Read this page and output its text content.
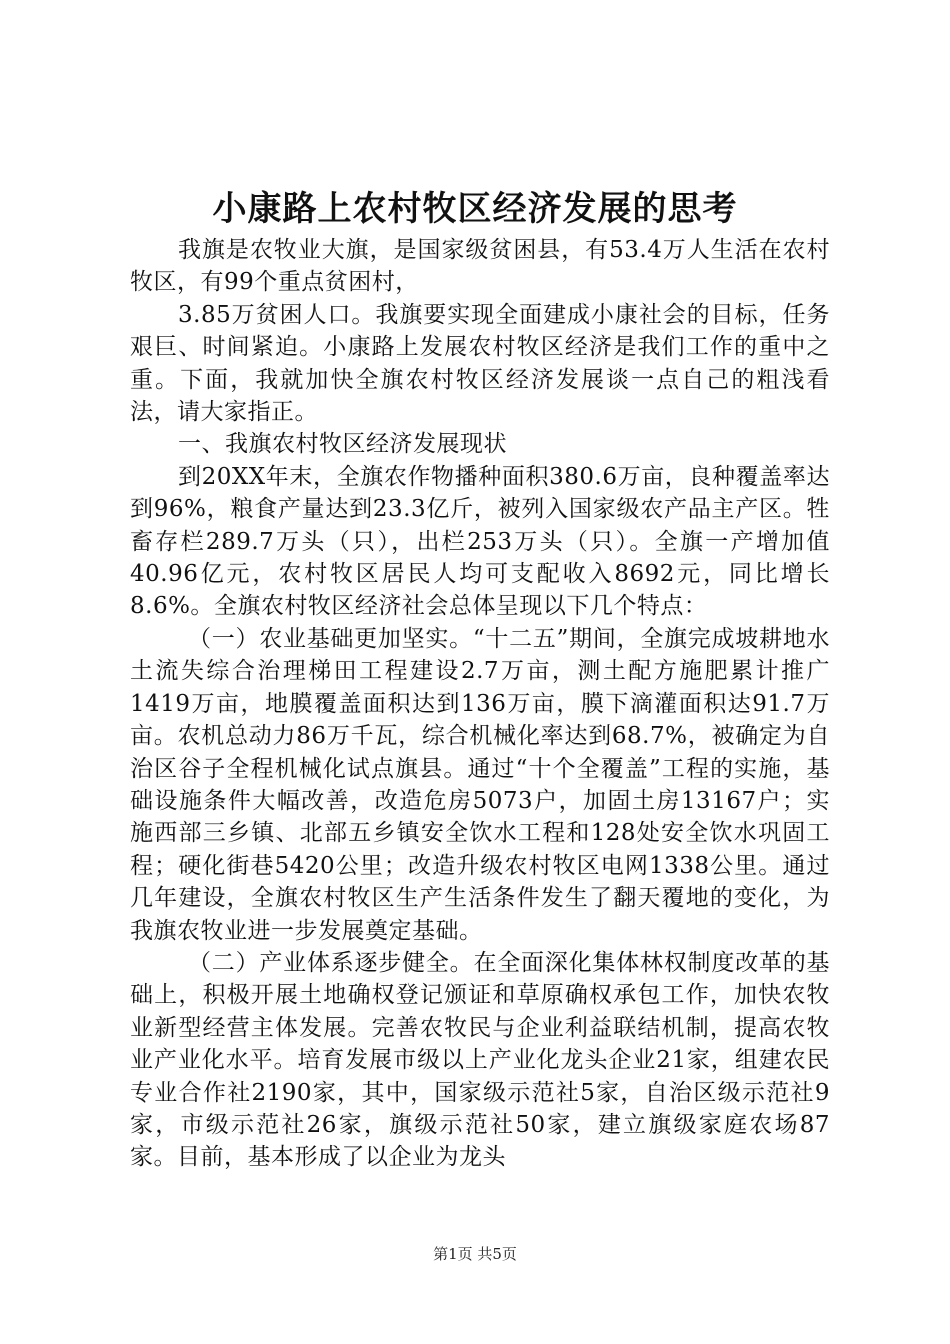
小康路上农村牧区经济发展的思考

我旗是农牧业大旗，是国家级贫困县，有53.4万人生活在农村牧区，有99个重点贫困村，

3.85万贫困人口。我旗要实现全面建成小康社会的目标，任务艰巨、时间紧迫。小康路上发展农村牧区经济是我们工作的重中之重。下面，我就加快全旗农村牧区经济发展谈一点自己的粗浅看法，请大家指正。

一、我旗农村牧区经济发展现状

到20XX年末，全旗农作物播种面积380.6万亩，良种覆盖率达到96%，粮食产量达到23.3亿斤，被列入国家级农产品主产区。牲畜存栏289.7万头（只），出栏253万头（只）。全旗一产增加值40.96亿元，农村牧区居民人均可支配收入8692元，同比增长8.6%。全旗农村牧区经济社会总体呈现以下几个特点：

（一）农业基础更加坚实。“十二五”期间，全旗完成坡耕地水土流失综合治理梯田工程建设2.7万亩，测土配方施肥累计推广1419万亩，地膜覆盖面积达到136万亩，膜下滴灌面积达91.7万亩。农机总动力86万千瓦，综合机械化率达到68.7%，被确定为自治区谷子全程机械化试点旗县。通过“十个全覆盖”工程的实施，基础设施条件大幅改善，改造危房5073户，加固土房13167户；实施西部三乡镇、北部五乡镇安全饮水工程和128处安全饮水巩固工程；硬化街巷5420公里；改造升级农村牧区电网1338公里。通过几年建设，全旗农村牧区生产生活条件发生了翻天覆地的变化，为我旗农牧业进一步发展奠定基础。

（二）产业体系逐步健全。在全面深化集体林权制度改革的基础上，积极开展土地确权登记颁证和草原确权承包工作，加快农牧业新型经营主体发展。完善农牧民与企业利益联结机制，提高农牧业产业化水平。培育发展市级以上产业化龙头企业21家，组建农民专业合作社2190家，其中，国家级示范社5家，自治区级示范社9家，市级示范社26家，旗级示范社50家，建立旗级家庭农场87家。目前，基本形成了以企业为龙头

第1页 共5页
